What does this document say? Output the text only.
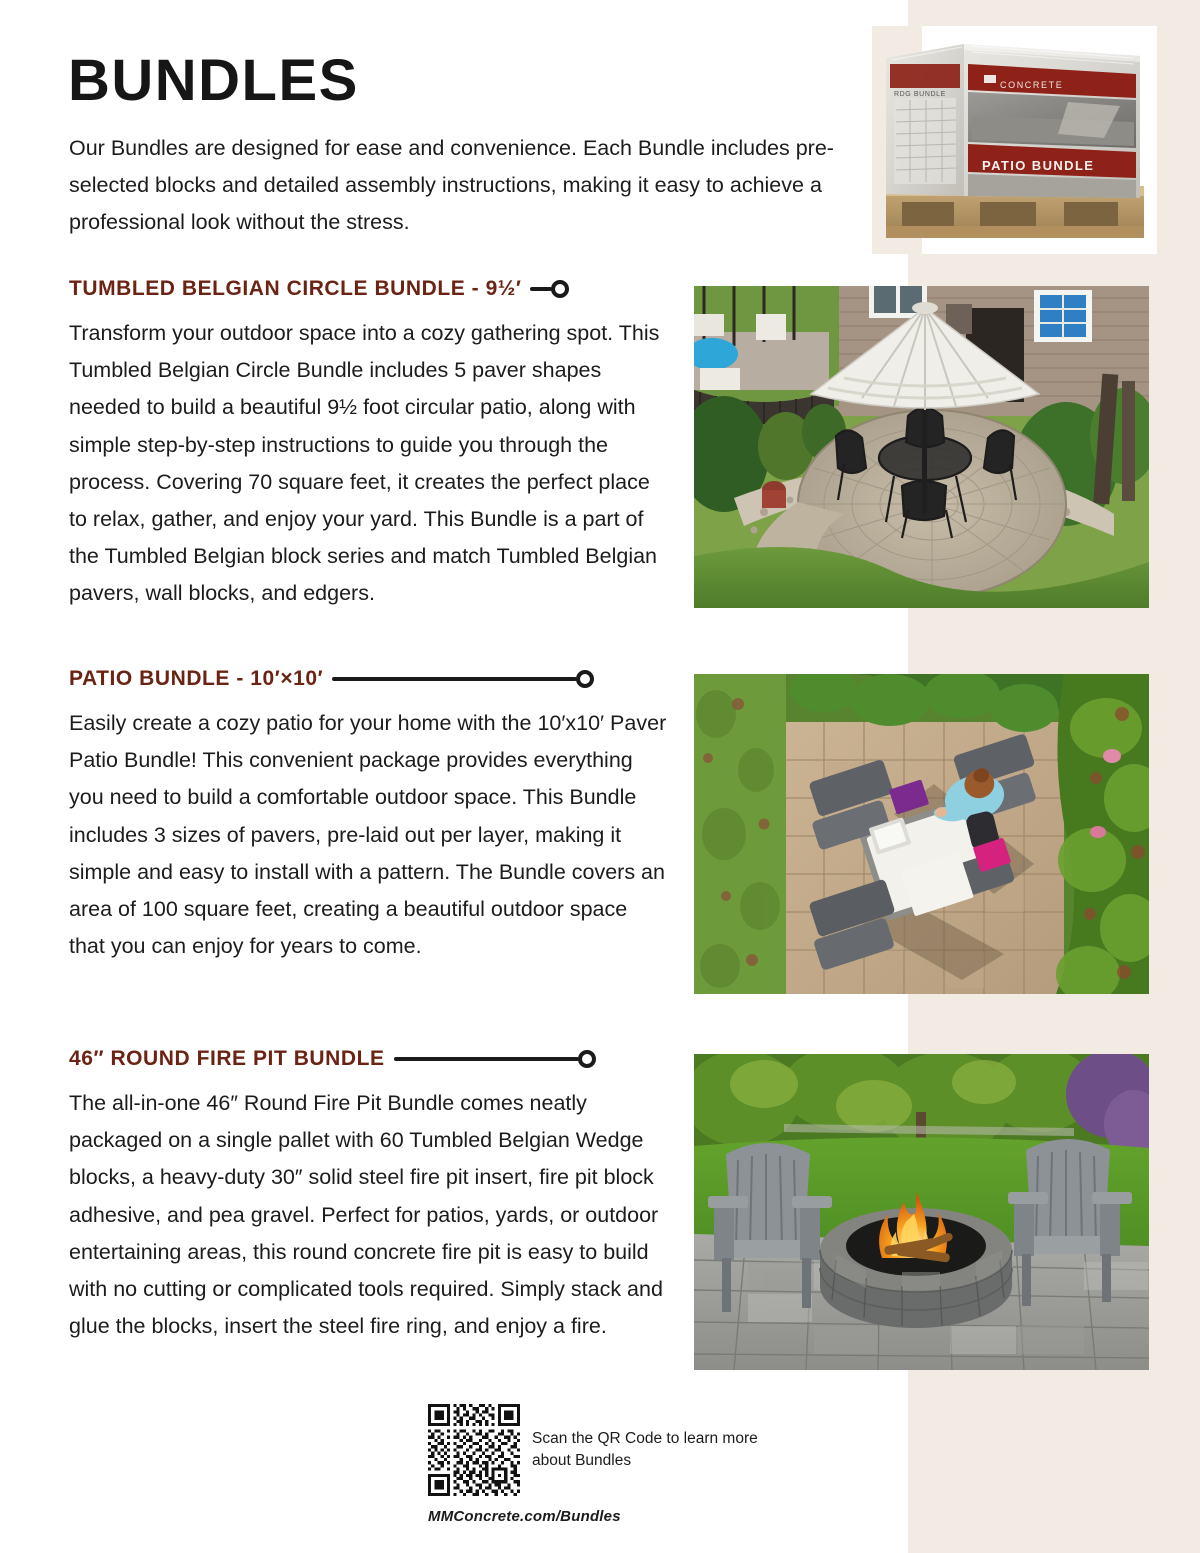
RDG BUNDLE
CONCRETE
PATIO BUNDLE
BUNDLES
Our Bundles are designed for ease and convenience. Each Bundle includes pre-selected blocks and detailed assembly instructions, making it easy to achieve a professional look without the stress.
TUMBLED BELGIAN CIRCLE BUNDLE - 9½′
Transform your outdoor space into a cozy gathering spot. This Tumbled Belgian Circle Bundle includes 5 paver shapes needed to build a beautiful 9½ foot circular patio, along with simple step-by-step instructions to guide you through the process. Covering 70 square feet, it creates the perfect place to relax, gather, and enjoy your yard. This Bundle is a part of the Tumbled Belgian block series and match Tumbled Belgian pavers, wall blocks, and edgers.
PATIO BUNDLE - 10′×10′
Easily create a cozy patio for your home with the 10′x10′ Paver Patio Bundle! This convenient package provides everything you need to build a comfortable outdoor space. This Bundle includes 3 sizes of pavers, pre-laid out per layer, making it simple and easy to install with a pattern. The Bundle covers an area of 100 square feet, creating a beautiful outdoor space that you can enjoy for years to come.
46″ ROUND FIRE PIT BUNDLE
The all-in-one 46″ Round Fire Pit Bundle comes neatly packaged on a single pallet with 60 Tumbled Belgian Wedge blocks, a heavy-duty 30″ solid steel fire pit insert, fire pit block adhesive, and pea gravel. Perfect for patios, yards, or outdoor entertaining areas, this round concrete fire pit is easy to build with no cutting or complicated tools required. Simply stack and glue the blocks, insert the steel fire ring, and enjoy a fire.
Scan the QR Code to learn more about Bundles
MMConcrete.com/Bundles
